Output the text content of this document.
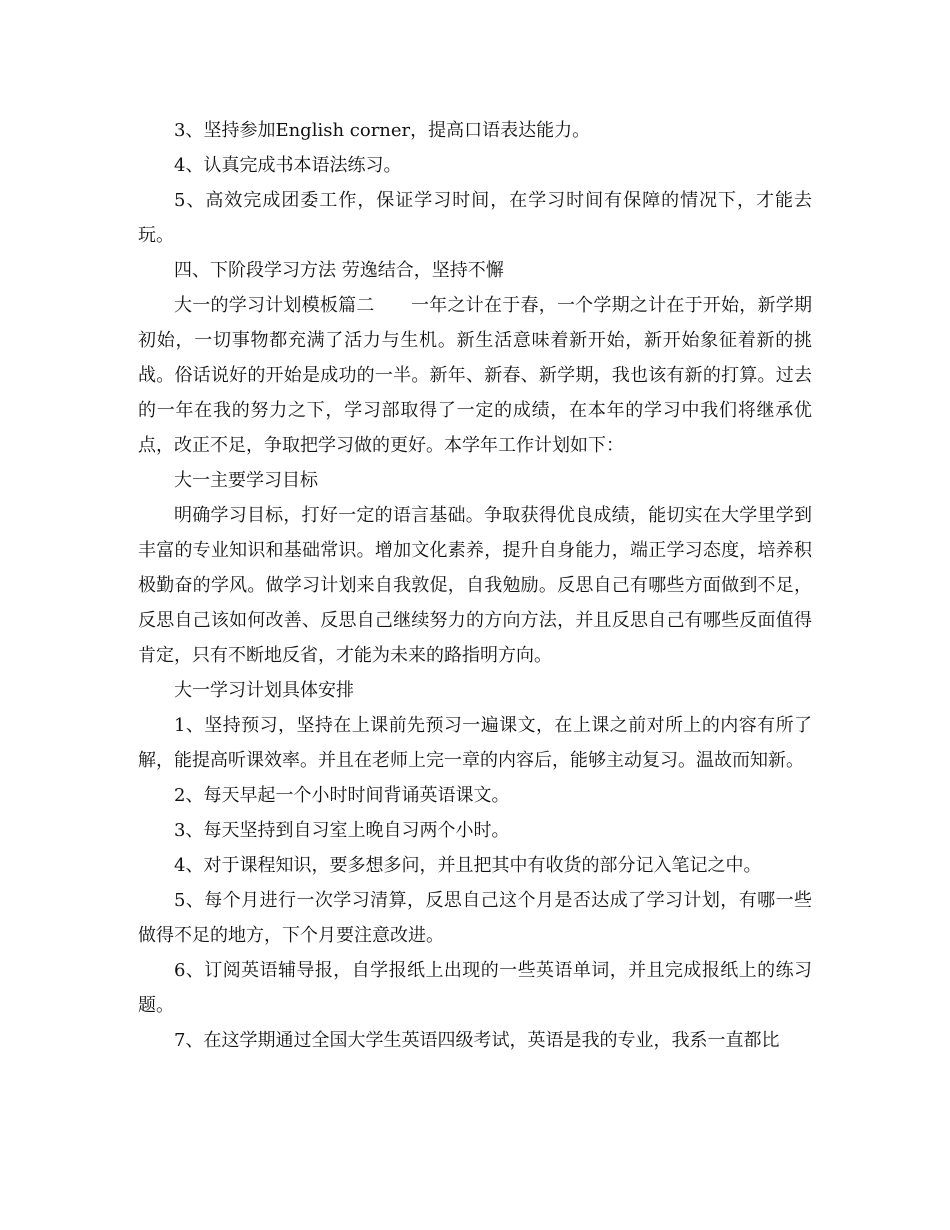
3、坚持参加English corner，提高口语表达能力。

4、认真完成书本语法练习。

5、高效完成团委工作，保证学习时间，在学习时间有保障的情况下，才能去玩。

四、下阶段学习方法 劳逸结合，坚持不懈

大一的学习计划模板篇二　　一年之计在于春，一个学期之计在于开始，新学期初始，一切事物都充满了活力与生机。新生活意味着新开始，新开始象征着新的挑战。俗话说好的开始是成功的一半。新年、新春、新学期，我也该有新的打算。过去的一年在我的努力之下，学习部取得了一定的成绩，在本年的学习中我们将继承优点，改正不足，争取把学习做的更好。本学年工作计划如下：

大一主要学习目标

明确学习目标，打好一定的语言基础。争取获得优良成绩，能切实在大学里学到丰富的专业知识和基础常识。增加文化素养，提升自身能力，端正学习态度，培养积极勤奋的学风。做学习计划来自我敦促，自我勉励。反思自己有哪些方面做到不足，反思自己该如何改善、反思自己继续努力的方向方法，并且反思自己有哪些反面值得肯定，只有不断地反省，才能为未来的路指明方向。

大一学习计划具体安排

1、坚持预习，坚持在上课前先预习一遍课文，在上课之前对所上的内容有所了解，能提高听课效率。并且在老师上完一章的内容后，能够主动复习。温故而知新。

2、每天早起一个小时时间背诵英语课文。

3、每天坚持到自习室上晚自习两个小时。

4、对于课程知识，要多想多问，并且把其中有收货的部分记入笔记之中。

5、每个月进行一次学习清算，反思自己这个月是否达成了学习计划，有哪一些做得不足的地方，下个月要注意改进。

6、订阅英语辅导报，自学报纸上出现的一些英语单词，并且完成报纸上的练习题。

7、在这学期通过全国大学生英语四级考试，英语是我的专业，我系一直都比
